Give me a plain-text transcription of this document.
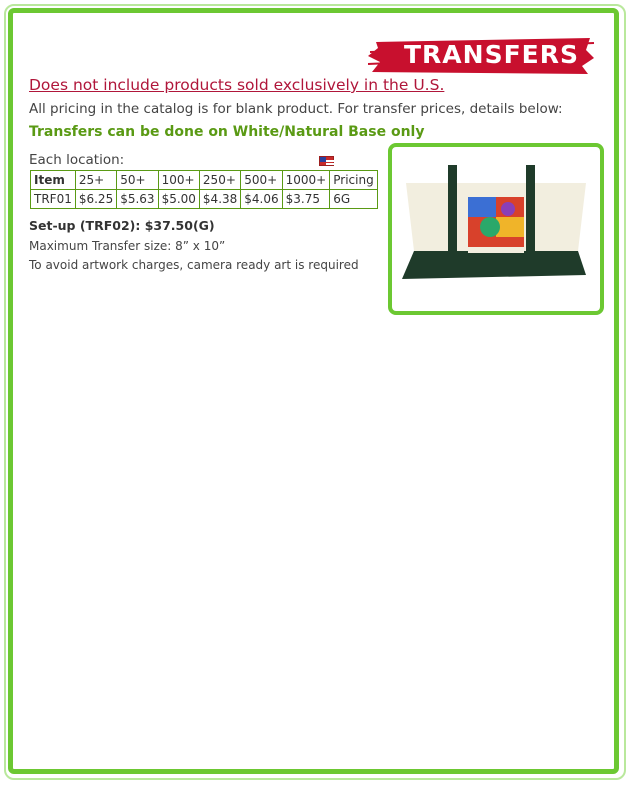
TRANSFERS
Does not include products sold exclusively in the U.S.
All pricing in the catalog is for blank product. For transfer prices, details below:
Transfers can be done on White/Natural Base only
Each location:
Item	25+	50+	100+	250+	500+	1000+	Pricing
TRF01	$6.25	$5.63	$5.00	$4.38	$4.06	$3.75	6G
Set-up (TRF02): $37.50(G)
Maximum Transfer size: 8” x 10”
To avoid artwork charges, camera ready art is required
